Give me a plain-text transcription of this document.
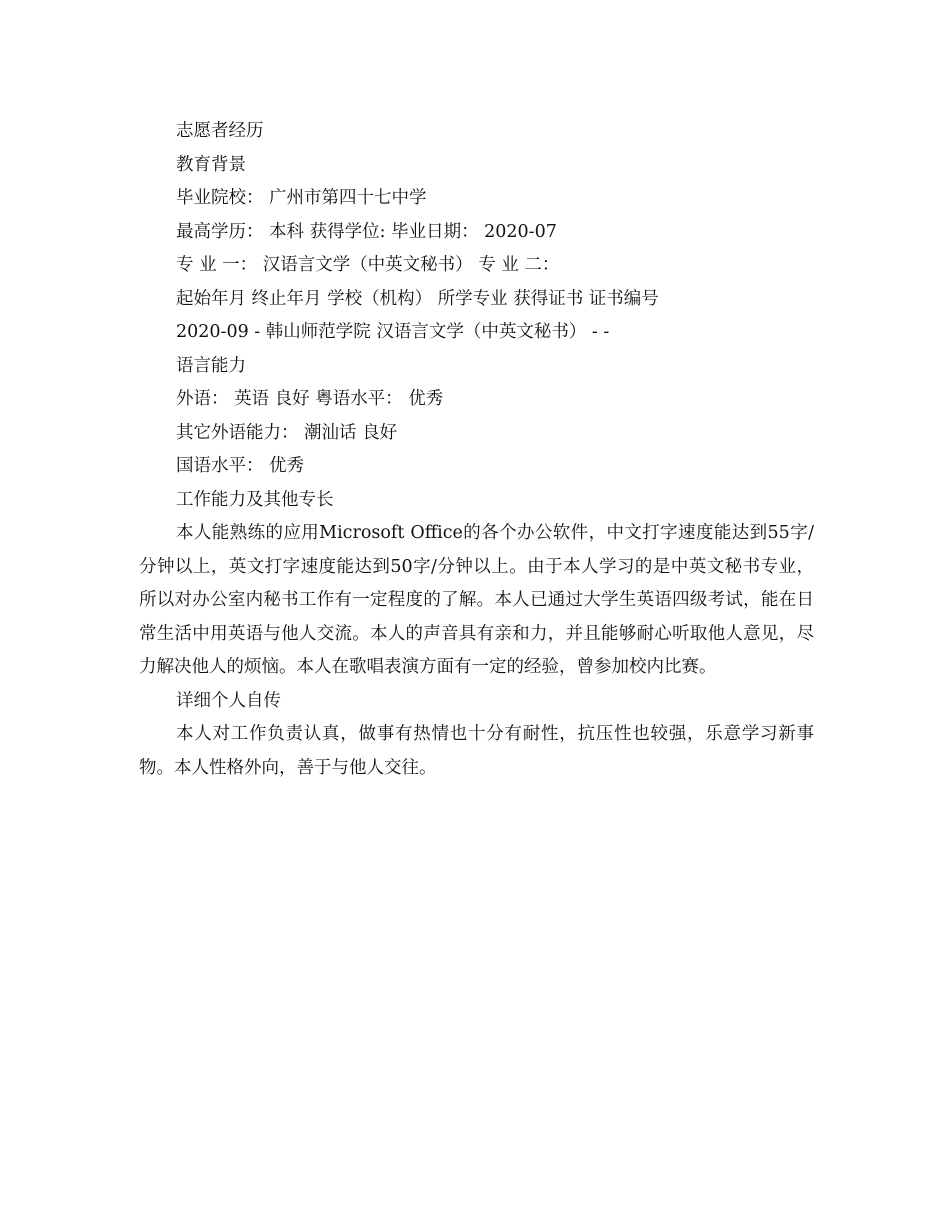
志愿者经历

教育背景

毕业院校： 广州市第四十七中学

最高学历： 本科 获得学位: 毕业日期： 2020-07

专 业 一： 汉语言文学（中英文秘书） 专 业 二：

起始年月 终止年月 学校（机构） 所学专业 获得证书 证书编号

2020-09 - 韩山师范学院 汉语言文学（中英文秘书） - -

语言能力

外语： 英语 良好 粤语水平： 优秀

其它外语能力： 潮汕话 良好

国语水平： 优秀

工作能力及其他专长

本人能熟练的应用Microsoft Office的各个办公软件，中文打字速度能达到55字/分钟以上，英文打字速度能达到50字/分钟以上。由于本人学习的是中英文秘书专业，所以对办公室内秘书工作有一定程度的了解。本人已通过大学生英语四级考试，能在日常生活中用英语与他人交流。本人的声音具有亲和力，并且能够耐心听取他人意见，尽力解决他人的烦恼。本人在歌唱表演方面有一定的经验，曾参加校内比赛。

详细个人自传

本人对工作负责认真，做事有热情也十分有耐性，抗压性也较强，乐意学习新事物。本人性格外向，善于与他人交往。
